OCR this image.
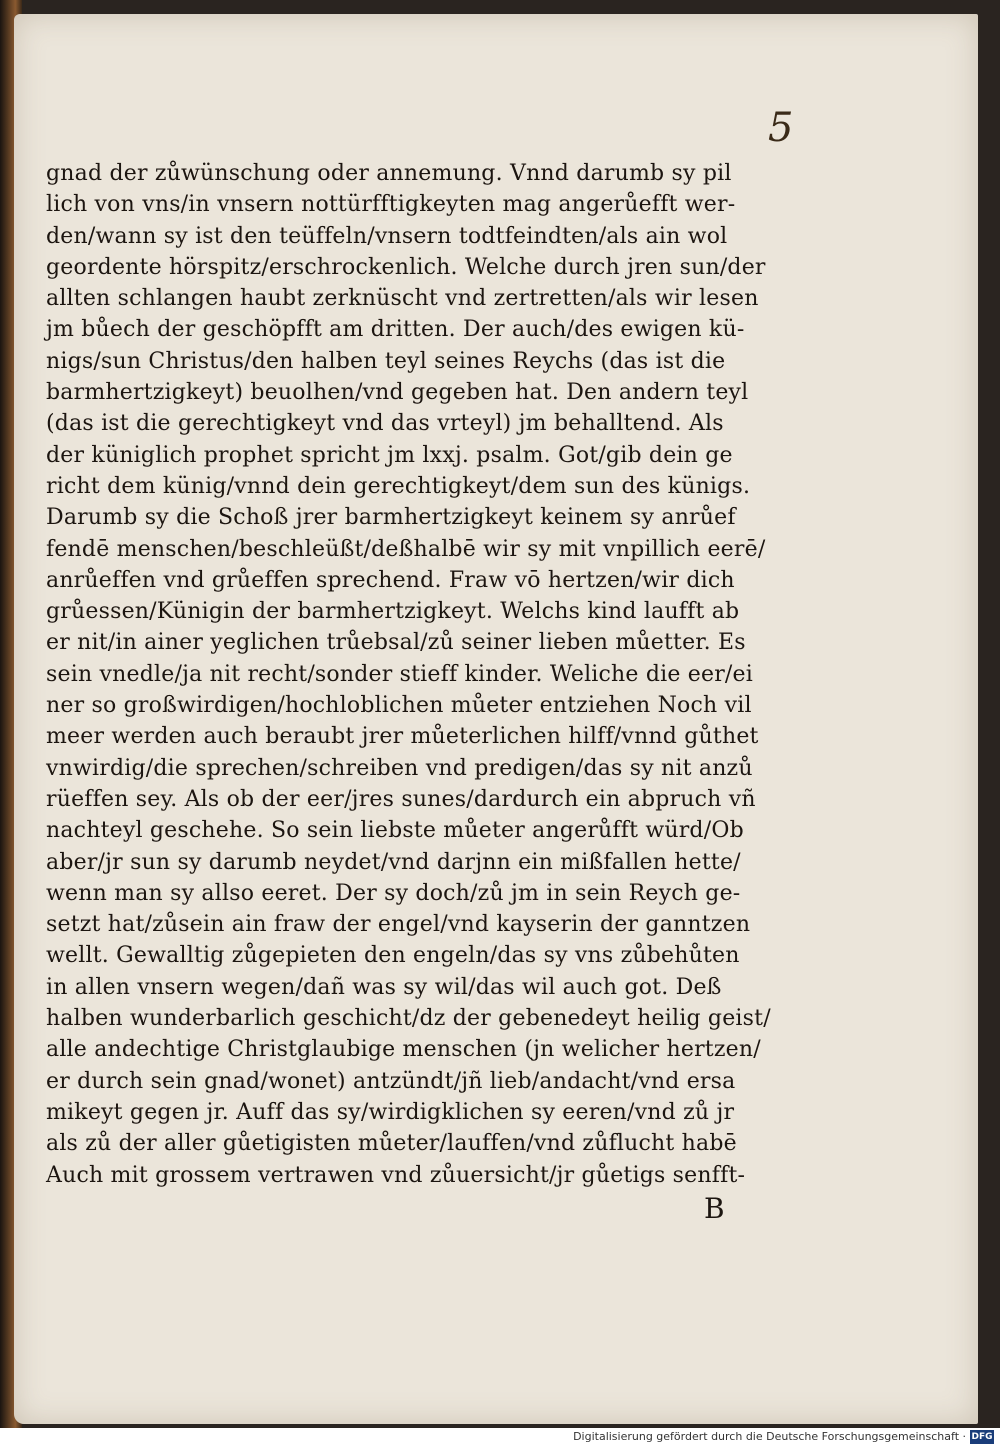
5
gnad der zůwünschung oder annemung. Vnnd darumb sy pil
lich von vns/in vnsern nottürfftigkeyten mag angerůefft wer-
den/wann sy ist den teüffeln/vnsern todtfeindten/als ain wol
geordente hörspitz/erschrockenlich. Welche durch jren sun/der
allten schlangen haubt zerknüscht vnd zertretten/als wir lesen
jm bůech der geschöpfft am dritten. Der auch/des ewigen kü-
nigs/sun Christus/den halben teyl seines Reychs (das ist die
barmhertzigkeyt) beuolhen/vnd gegeben hat. Den andern teyl
(das ist die gerechtigkeyt vnd das vrteyl) jm behalltend. Als
der küniglich prophet spricht jm lxxj. psalm. Got/gib dein ge
richt dem künig/vnnd dein gerechtigkeyt/dem sun des künigs.
Darumb sy die Schoß jrer barmhertzigkeyt keinem sy anrůef
fendē menschen/beschleüßt/deßhalbē wir sy mit vnpillich eerē/
anrůeffen vnd grůeffen sprechend. Fraw vō hertzen/wir dich
grůessen/Künigin der barmhertzigkeyt. Welchs kind laufft ab
er nit/in ainer yeglichen trůebsal/zů seiner lieben můetter. Es
sein vnedle/ja nit recht/sonder stieff kinder. Weliche die eer/ei
ner so großwirdigen/hochloblichen můeter entziehen Noch vil
meer werden auch beraubt jrer můeterlichen hilff/vnnd gůthet
vnwirdig/die sprechen/schreiben vnd predigen/das sy nit anzů
rüeffen sey. Als ob der eer/jres sunes/dardurch ein abpruch vñ
nachteyl geschehe. So sein liebste můeter angerůfft würd/Ob
aber/jr sun sy darumb neydet/vnd darjnn ein mißfallen hette/
wenn man sy allso eeret. Der sy doch/zů jm in sein Reych ge-
setzt hat/zůsein ain fraw der engel/vnd kayserin der ganntzen
wellt. Gewalltig zůgepieten den engeln/das sy vns zůbehůten
in allen vnsern wegen/dañ was sy wil/das wil auch got. Deß
halben wunderbarlich geschicht/dz der gebenedeyt heilig geist/
alle andechtige Christglaubige menschen (jn welicher hertzen/
er durch sein gnad/wonet) antzündt/jñ lieb/andacht/vnd ersa
mikeyt gegen jr. Auff das sy/wirdigklichen sy eeren/vnd zů jr
als zů der aller gůetigisten můeter/lauffen/vnd zůflucht habē
Auch mit grossem vertrawen vnd zůuersicht/jr gůetigs senfft-
B
Digitalisierung gefördert durch die Deutsche Forschungsgemeinschaft · DFG
